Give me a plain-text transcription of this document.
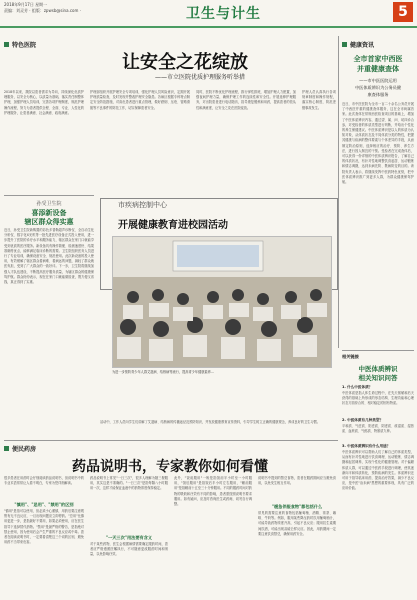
2018年9月17日 星期一
责编：刘灵芳 · 组版：zpwsb@sina.com ·	卫生与计生	5
特色医院
让安全之花绽放
——市立医院优质护理服务听举措
2018年以来，我院以患者需求为导向，持续深化优质护理服务，以安全为核心，以质量为基础，落实责任制整体护理，加强护理人员培训，完善各项护理制度，规范护理操作流程，努力为患者提供全程、全面、专业、人性化的护理服务，让患者满意、社会满意、政府满意。
护理部组织开展护理安全专项培训，强化护理人员风险意识，定期开展护理质量检查，及时发现并整改护理安全隐患。各病区根据专科特点制定安全防范措施，对高危患者进行重点管理，做好跌倒、压疮、管路滑脱等不良事件的防范工作，切实保障患者安全。
同时，医院不断优化护理流程，推行弹性排班，增加护理人力配置，加强夜间护理力量，确保护理工作的连续性和安全性。开展延伸护理服务，对出院患者进行电话随访，指导康复锻炼和用药，提高患者的依从性和满意度，让安全之花在医院绽放。
护理人员认真执行各项规章制度和操作规程，落实核心制度，防范差错事故发生。
孙受卫生院
喜添新设备
辖区群众得实惠
近日，孙受卫生院新购置的彩色多普勒超声诊断仪、全自动生化分析仪、数字化X光机等一批先进医疗设备正式投入使用，进一步提升了医院的诊疗水平和服务能力，辖区群众在家门口就能享受到优质的医疗服务。新设备具有操作简便、检测速度快、结果准确等优点，能够满足临床诊断的需要。卫生院组织医务人员进行了专业培训，确保设备安全、规范使用。此次新设备的投入使用，有效缓解了辖区群众看病难、看病远的问题，减轻了群众就医负担，受到了广大群众的一致好评。下一步，卫生院将继续加强人才队伍建设，不断提高医疗服务质量，为辖区群众的健康保驾护航。群众纷纷表示，现在在家门口就能做检查，既方便又省钱，真正得到了实惠。
市疾病控制中心
开展健康教育进校园活动
为进一步预防青少年人群艾滋病、结核病等流行，提高青少年健康素养...
活动中，工作人员向学生们讲解了艾滋病、结核病的传播途径及预防知识，并发放健康教育宣传资料，引导学生树立正确的健康观念，养成良好的卫生习惯。
健康资讯
全市首家中西医
并重健康查体
——市中医医院运用
中医体质辨识为公务员健
康查体服务
近日，市中医医院为全市一百二十余名公务员开展了中西医并重的健康查体服务，这在全市尚属首家。此次查体在常规西医检查项目的基础上，增加了中医体质辨识内容，通过望、闻、问、切四诊合参，对受检者的体质类型进行判断，并给出个性化的养生保健建议。中医体质辨识是以人的体质为认知对象，从体质状态及不同体质分类的特性，把握其健康与疾病的整体要素与个体差异的手段，从而制定防治原则，选择相应的治疗、预防、养生方法，进行因人制宜的干预。受检者在完成查体后，可以获得一份详细的中医体质辨识报告，了解自己的体质状况，有针对性地调整饮食起居、运动锻炼和情志调摄，达到未病先防、既病防变的目的。该院负责人表示，将继续发挥中医药特色优势，把中医体质辨识推广到更多人群，为群众健康保驾护航。
相关链接
中医体质辨识
相关知识问答
1. 什么中医体质？
中医体质是指人体生命过程中，在先天禀赋和后天获得的基础上所形成的形态结构、生理功能和心理状态方面综合的、相对稳定的固有特质。
2. 中医体质有几种类型？
平和质、气虚质、阳虚质、阴虚质、痰湿质、湿热质、血瘀质、气郁质、特禀质九种。
便民药房
药品说明书，专家教你如何看懂
很多患者在用药时会仔细阅读药品说明书，但说明书中的专业术语常常让人看不明白，专家为您详细解读。
"慎用"、"忌用"、"禁用"的区别
"慎用"是指可以使用，但必须小心谨慎，用药后要注意观察有无不良反应，一旦出现问题应立即停药。"忌用"比慎用更进一步，是指最好不要用，如果必须使用，应在医生指导下选择替代药物。"禁用"是最严格的警告，是指绝对禁止使用，因为使用后会产生严重的不良反应或中毒。患者在阅读说明书时，一定要看清楚这三个词的区别，避免用药不当带来危害。
药品说明书上常见"一日三次"，很多人理解为随三餐服用，其实这是不准确的。"一日三次"是指每隔八小时服用一次，这样才能保证血液中的药物浓度保持稳定。
"一天三次"用法要有含义
对于某些药物，医生会根据病情需要确定服药时间，患者应严格遵照医嘱执行，不可随意更改服药时间和剂量，以免影响疗效。
此外，"饭前服用"一般是指饭前半小时至一小时服用，"饭后服用"是指饭后半小时左右服用，"睡前服用"是指睡前十五至三十分钟服用。不同的服药时间对药物的吸收和疗效有不同的影响，患者需按照说明书要求服用。如有疑问，应及时咨询医生或药师，切勿自行调整。	"缓急伴服食物"都包括什么
说明书中提到的禁忌食物，患者在服药期间应当避免食用，以免发生相互作用。
常见的需要注意的食物包括葡萄柚、酒精、浓茶、咖啡、牛奶等。例如，服用某些降压药时饮用葡萄柚汁，可能导致药物浓度升高，引起不良反应；服用抗生素期间饮酒，可能出现双硫仑样反应。因此，用药期间一定要注意饮食禁忌，确保用药安全。
3. 中医体质辨识有什么用途？
中医体质辨识可以帮助人们了解自己的体质类型，从而有针对性地进行饮食调理、运动锻炼、情志调摄和起居调养，实现个性化的健康管理。对于偏颇体质人群，可以通过中医药手段进行调理，使其逐渐向平和体质转化，预防疾病的发生。体质辨识还可用于指导临床用药，提高治疗效果，减少不良反应，是中医"治未病"思想的重要体现，具有广泛的应用价值。
